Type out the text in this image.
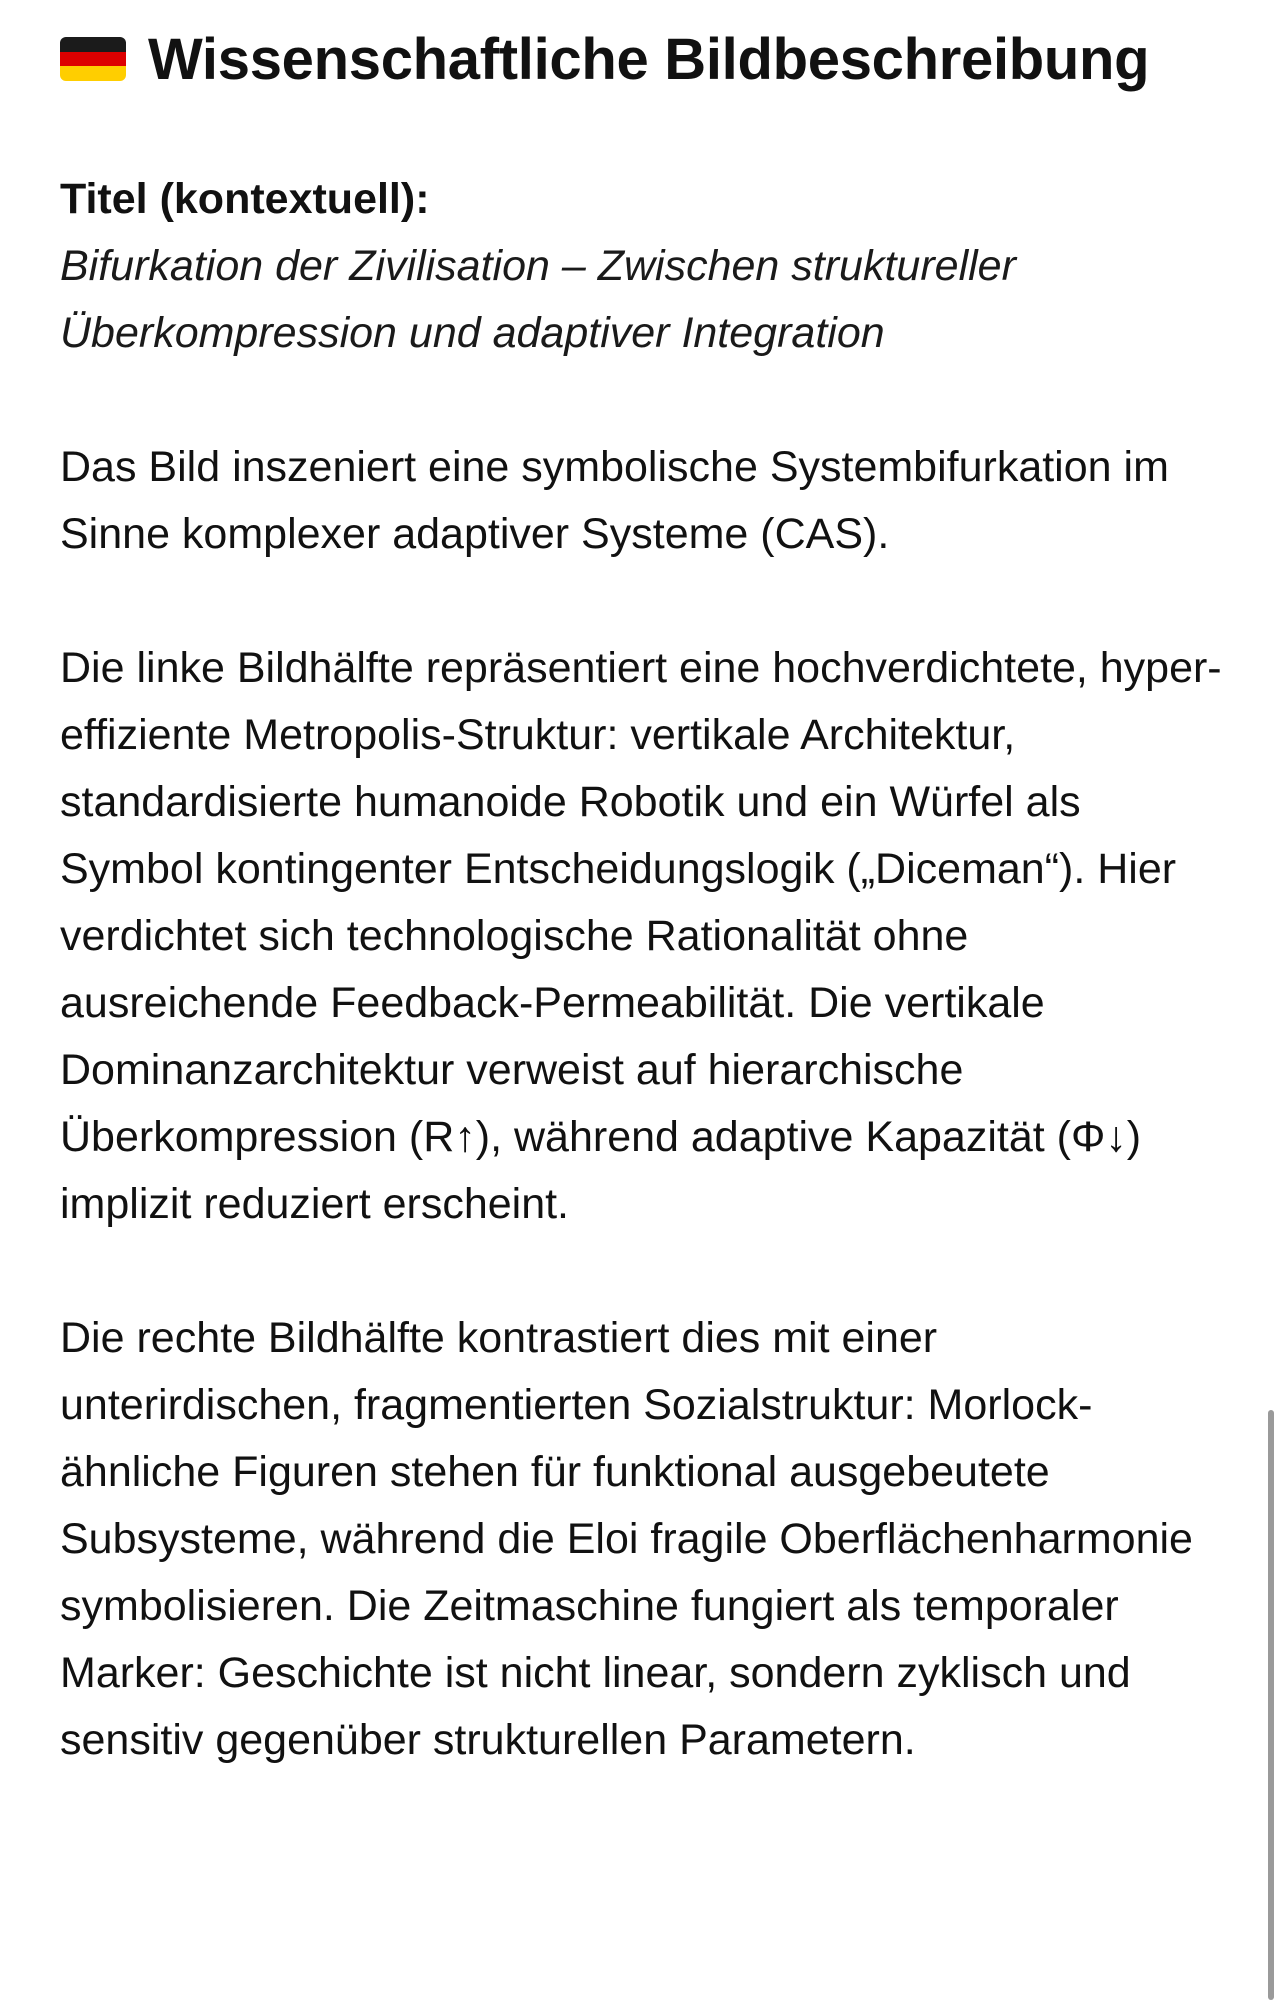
Wissenschaftliche Bildbeschreibung
Titel (kontextuell):
Bifurkation der Zivilisation – Zwischen struktureller Überkompression und adaptiver Integration

Das Bild inszeniert eine symbolische Systembifurkation im Sinne komplexer adaptiver Systeme (CAS).

Die linke Bildhälfte repräsentiert eine hochverdichtete, hyper-effiziente Metropolis-Struktur: vertikale Architektur, standardisierte humanoide Robotik und ein Würfel als Symbol kontingenter Entscheidungslogik („Diceman“). Hier verdichtet sich technologische Rationalität ohne ausreichende Feedback-Permeabilität. Die vertikale Dominanzarchitektur verweist auf hierarchische Überkompression (R↑), während adaptive Kapazität (Φ↓) implizit reduziert erscheint.

Die rechte Bildhälfte kontrastiert dies mit einer unterirdischen, fragmentierten Sozialstruktur: Morlock-ähnliche Figuren stehen für funktional ausgebeutete Subsysteme, während die Eloi fragile Oberflächenharmonie symbolisieren. Die Zeitmaschine fungiert als temporaler Marker: Geschichte ist nicht linear, sondern zyklisch und sensitiv gegenüber strukturellen Parametern.
